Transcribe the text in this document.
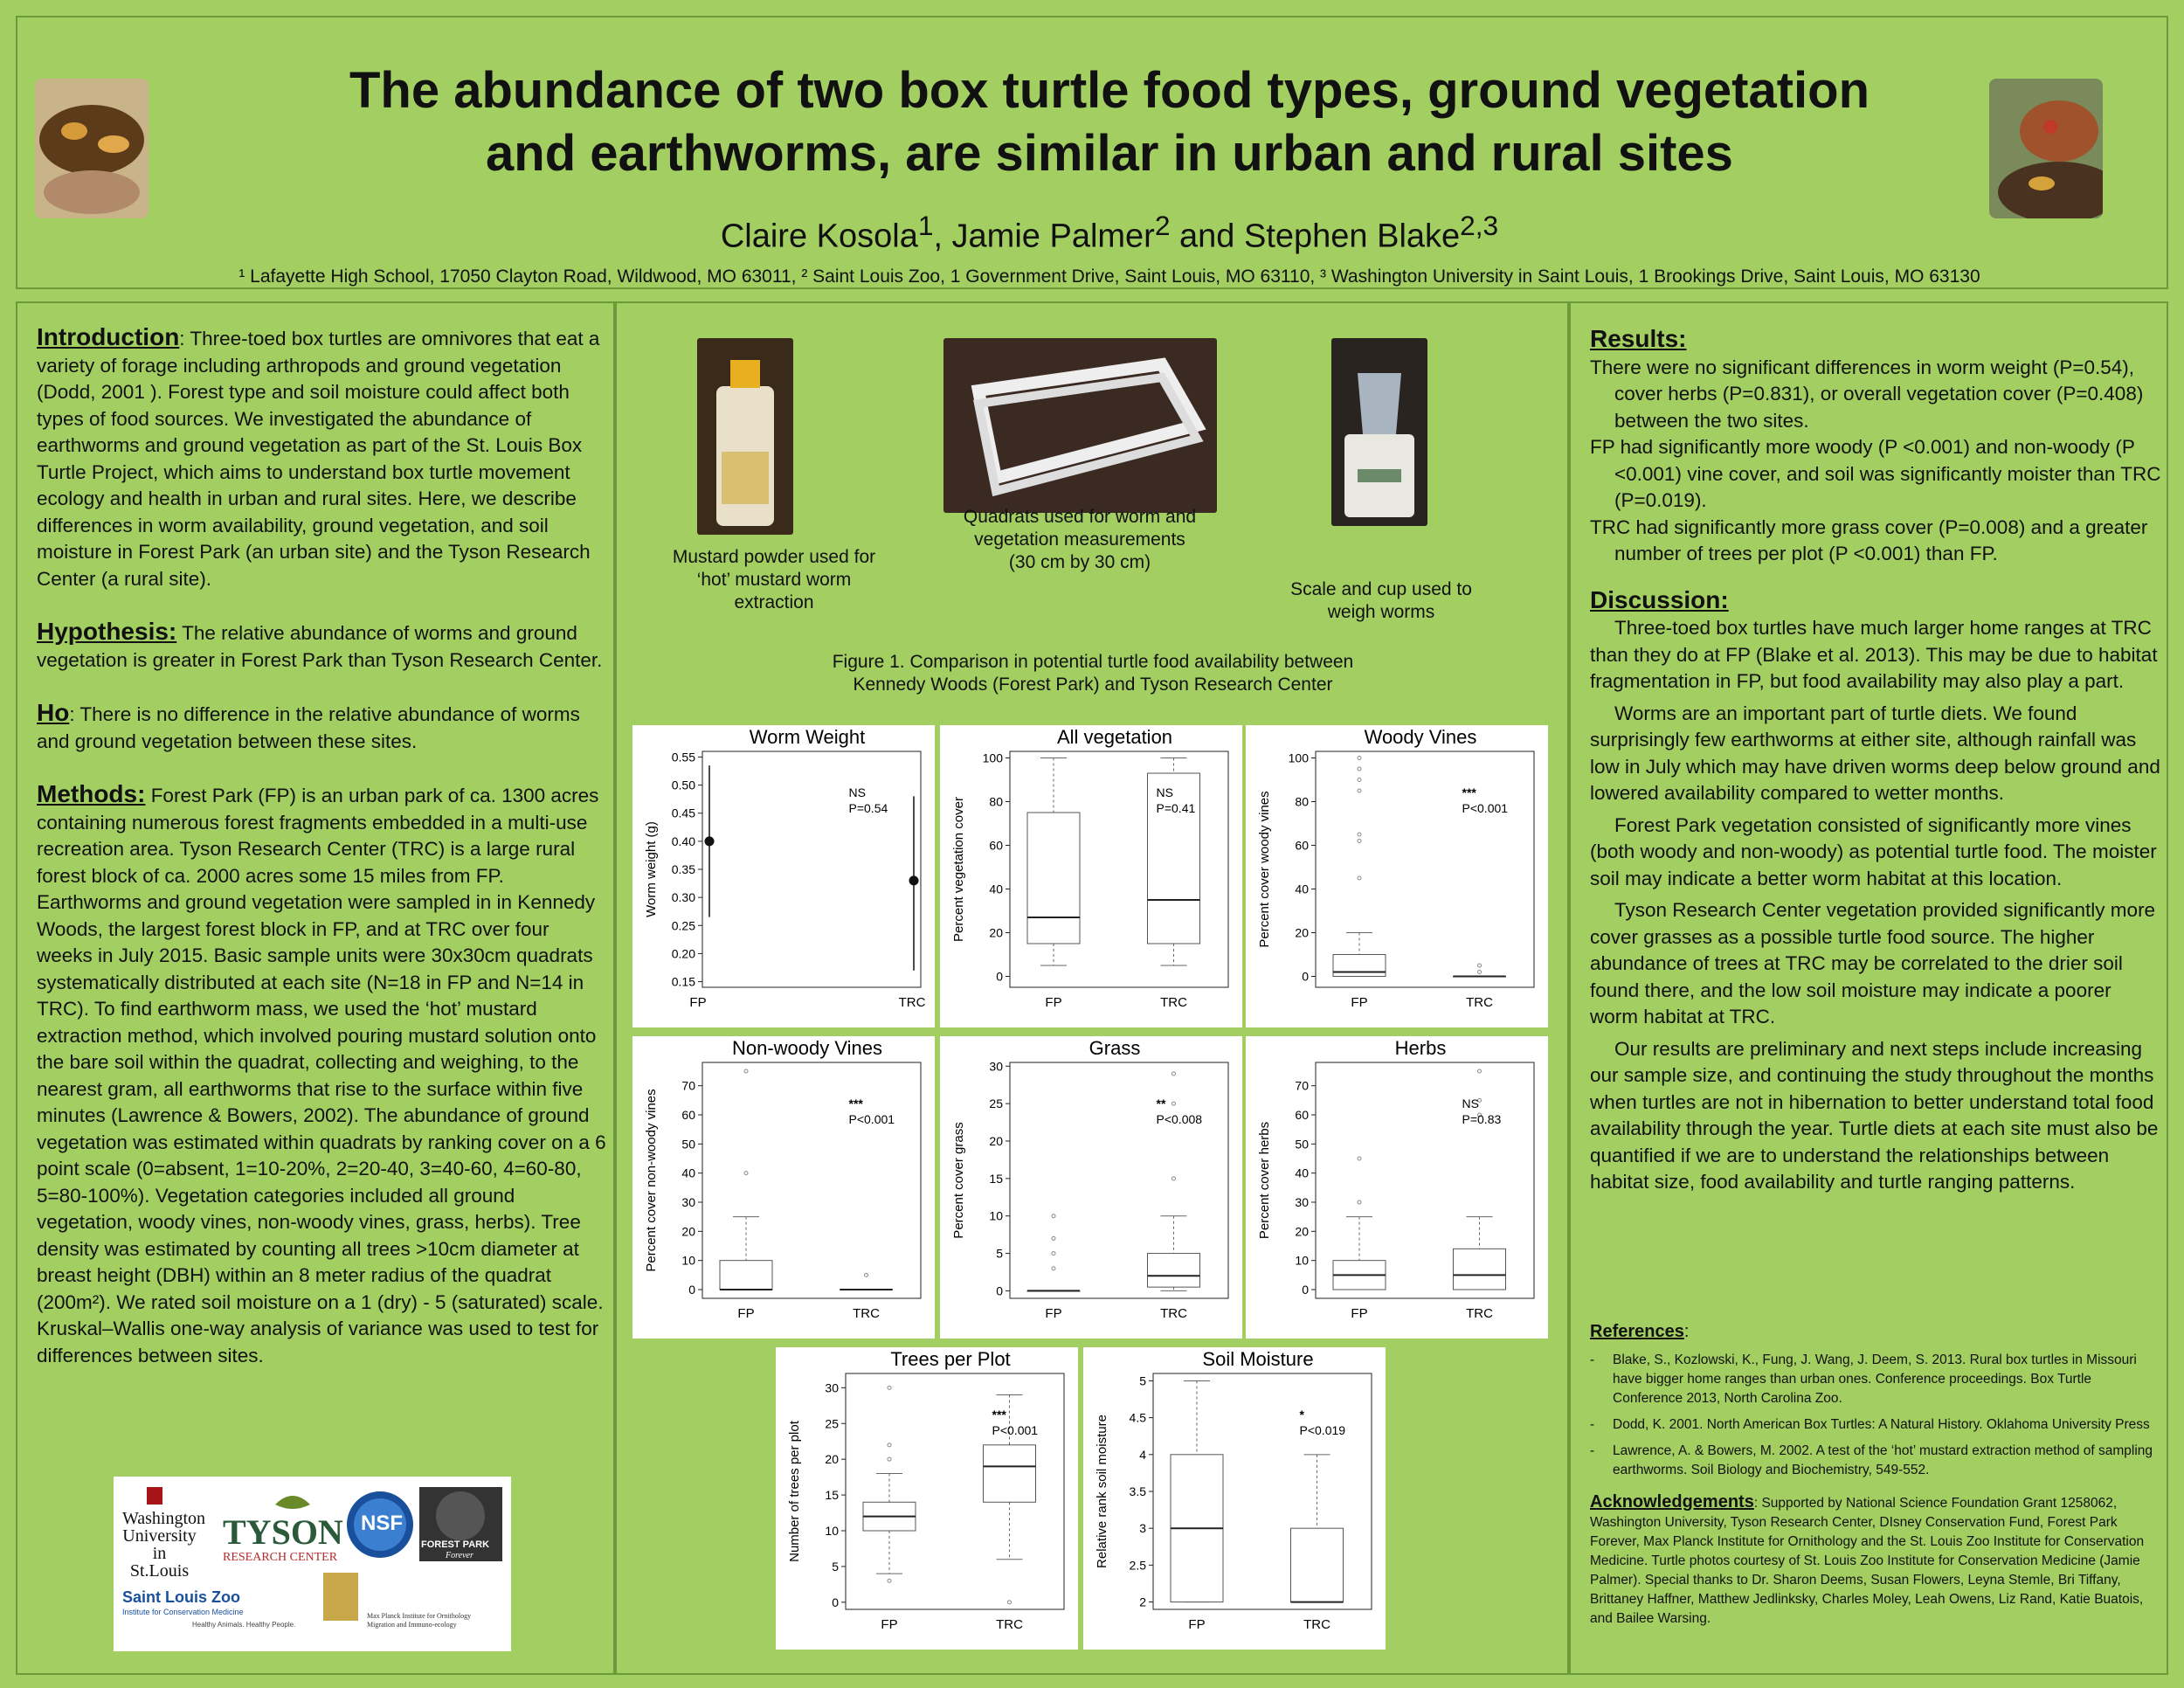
The abundance of two box turtle food types, ground vegetation
and earthworms, are similar in urban and rural sites
Claire Kosola$^1$, Jamie Palmer$^2$ and Stephen Blake$^{2,3}$
¹ Lafayette High School, 17050 Clayton Road, Wildwood, MO 63011, ² Saint Louis Zoo, 1 Government Drive, Saint Louis, MO 63110, ³ Washington University in Saint Louis, 1 Brookings Drive, Saint Louis, MO 63130

Introduction: Three-toed box turtles are omnivores that eat a variety of forage including arthropods and ground vegetation (Dodd, 2001 ). Forest type and soil moisture could affect both types of food sources. We investigated the abundance of earthworms and ground vegetation as part of the St. Louis Box Turtle Project, which aims to understand box turtle movement ecology and health in urban and rural sites. Here, we describe differences in worm availability, ground vegetation, and soil moisture in Forest Park (an urban site) and the Tyson Research Center (a rural site).

Hypothesis: The relative abundance of worms and ground vegetation is greater in Forest Park than Tyson Research Center.

Ho: There is no difference in the relative abundance of worms and ground vegetation between these sites.

Methods: Forest Park (FP) is an urban park of ca. 1300 acres containing numerous forest fragments embedded in a multi-use recreation area. Tyson Research Center (TRC) is a large rural forest block of ca. 2000 acres some 15 miles from FP. Earthworms and ground vegetation were sampled in in Kennedy Woods, the largest forest block in FP, and at TRC over four weeks in July 2015. Basic sample units were 30x30cm quadrats systematically distributed at each site (N=18 in FP and N=14 in TRC). To find earthworm mass, we used the ‘hot’ mustard extraction method, which involved pouring mustard solution onto the bare soil within the quadrat, collecting and weighing, to the nearest gram, all earthworms that rise to the surface within five minutes (Lawrence & Bowers, 2002). The abundance of ground vegetation was estimated within quadrats by ranking cover on a 6 point scale (0=absent, 1=10-20%, 2=20-40, 3=40-60, 4=60-80, 5=80-100%). Vegetation categories included all ground vegetation, woody vines, non-woody vines, grass, herbs). Tree density was estimated by counting all trees >10cm diameter at breast height (DBH) within an 8 meter radius of the quadrat (200m²). We rated soil moisture on a 1 (dry) - 5 (saturated) scale. Kruskal–Wallis one-way analysis of variance was used to test for differences between sites.

Washington
University
in St.Louis
TYSON
RESEARCH CENTER
NSF
FOREST PARK
Forever
Saint Louis Zoo
Institute for Conservation Medicine
Healthy Animals. Healthy People.
Max Planck Institute for Ornithology
Migration and Immuno-ecology
Mustard powder used for
‘hot’ mustard worm
extraction
Quadrats used for worm and
vegetation measurements
(30 cm by 30 cm)
Scale and cup used to
weigh worms
Figure 1. Comparison in potential turtle food availability between
Kennedy Woods (Forest Park) and Tyson Research Center
Worm Weight
0.15
0.20
0.25
0.30
0.35
0.40
0.45
0.50
0.55
Worm weight (g)
FP	TRC
NS
P=0.54
All vegetation
0
20
40
60
80
100
Percent vegetation cover
FP	TRC
NS
P=0.41
Woody Vines
0
20
40
60
80
100
Percent cover woody vines
FP	TRC
***
P<0.001
Non-woody Vines
0
10
20
30
40
50
60
70
Percent cover non-woody vines
FP	TRC
***
P<0.001
Grass
0
5
10
15
20
25
30
Percent cover grass
FP	TRC
**
P<0.008
Herbs
0
10
20
30
40
50
60
70
Percent cover herbs
FP	TRC
NS
P=0.83
Trees per Plot
0
5
10
15
20
25
30
Number of trees per plot
FP	TRC
***
P<0.001
Soil Moisture
2
2.5
3
3.5
4
4.5
5
Relative rank soil moisture
FP	TRC
*
P<0.019

Results:

There were no significant differences in worm weight (P=0.54), cover herbs (P=0.831), or overall vegetation cover (P=0.408) between the two sites.

FP had significantly more woody (P <0.001) and non-woody (P <0.001) vine cover, and soil was significantly moister than TRC (P=0.019).

TRC had significantly more grass cover (P=0.008) and a greater number of trees per plot (P <0.001) than FP.

Discussion:

Three-toed box turtles have much larger home ranges at TRC than they do at FP (Blake et al. 2013). This may be due to habitat fragmentation in FP, but food availability may also play a part.

Worms are an important part of turtle diets. We found surprisingly few earthworms at either site, although rainfall was low in July which may have driven worms deep below ground and lowered availability compared to wetter months.

Forest Park vegetation consisted of significantly more vines (both woody and non-woody) as potential turtle food. The moister soil may indicate a better worm habitat at this location.

Tyson Research Center vegetation provided significantly more cover grasses as a possible turtle food source. The higher abundance of trees at TRC may be correlated to the drier soil found there, and the low soil moisture may indicate a poorer worm habitat at TRC.

Our results are preliminary and next steps include increasing our sample size, and continuing the study throughout the months when turtles are not in hibernation to better understand total food availability through the year. Turtle diets at each site must also be quantified if we are to understand the relationships between habitat size, food availability and turtle ranging patterns.

References:

- Blake, S., Kozlowski, K., Fung, J. Wang, J. Deem, S. 2013. Rural box turtles in Missouri have bigger home ranges than urban ones. Conference proceedings. Box Turtle Conference 2013, North Carolina Zoo.

- Dodd, K. 2001. North American Box Turtles: A Natural History. Oklahoma University Press

- Lawrence, A. & Bowers, M. 2002. A test of the ‘hot’ mustard extraction method of sampling earthworms. Soil Biology and Biochemistry, 549-552.

Acknowledgements: Supported by National Science Foundation Grant 1258062, Washington University, Tyson Research Center, DIsney Conservation Fund, Forest Park Forever, Max Planck Institute for Ornithology and the St. Louis Zoo Institute for Conservation Medicine. Turtle photos courtesy of St. Louis Zoo Institute for Conservation Medicine (Jamie Palmer). Special thanks to Dr. Sharon Deems, Susan Flowers, Leyna Stemle, Bri Tiffany, Brittaney Haffner, Matthew Jedlinksky, Charles Moley, Leah Owens, Liz Rand, Katie Buatois, and Bailee Warsing.
